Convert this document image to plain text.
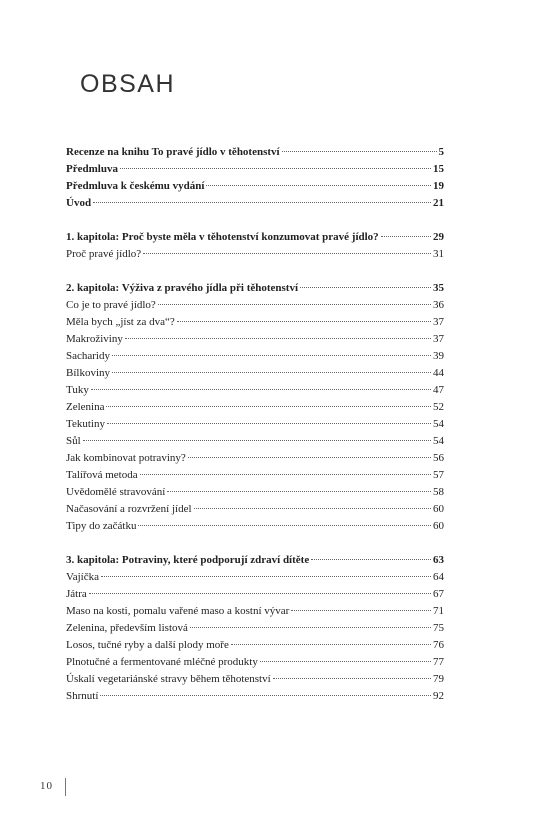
OBSAH
Recenze na knihu To pravé jídlo v těhotenství	5
Předmluva	15
Předmluva k českému vydání	19
Úvod	21
1. kapitola: Proč byste měla v těhotenství konzumovat pravé jídlo?	29
Proč pravé jídlo?	31
2. kapitola: Výživa z pravého jídla při těhotenství	35
Co je to pravé jídlo?	36
Měla bych „jíst za dva“?	37
Makroživiny	37
Sacharidy	39
Bílkoviny	44
Tuky	47
Zelenina	52
Tekutiny	54
Sůl	54
Jak kombinovat potraviny?	56
Talířová metoda	57
Uvědomělé stravování	58
Načasování a rozvržení jídel	60
Tipy do začátku	60
3. kapitola: Potraviny, které podporují zdraví dítěte	63
Vajíčka	64
Játra	67
Maso na kosti, pomalu vařené maso a kostní vývar	71
Zelenina, především listová	75
Losos, tučné ryby a další plody moře	76
Plnotučné a fermentované mléčné produkty	77
Úskalí vegetariánské stravy během těhotenství	79
Shrnutí	92
10
